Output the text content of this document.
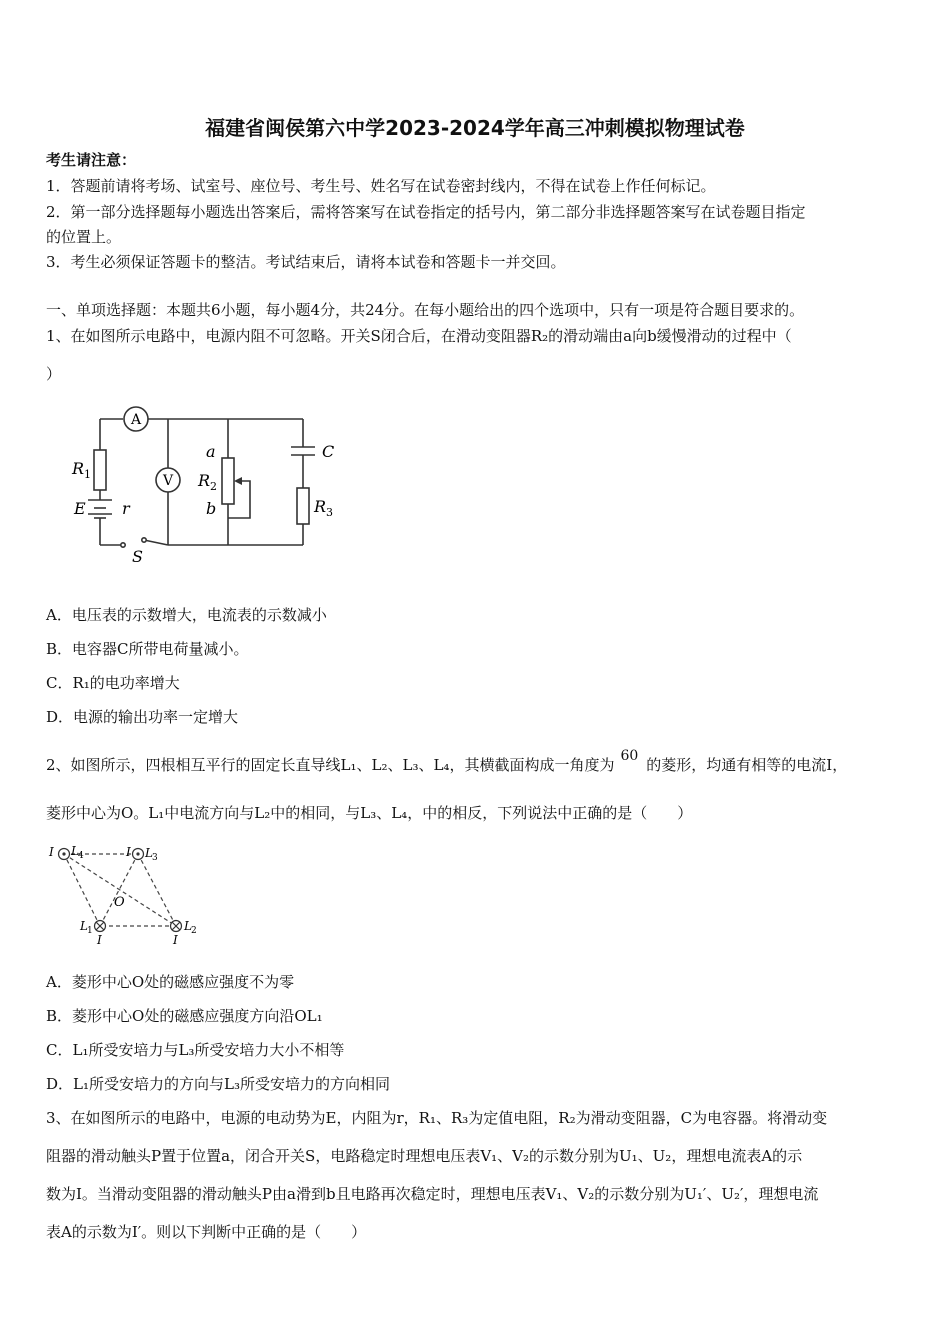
福建省闽侯第六中学2023-2024学年高三冲刺模拟物理试卷
考生请注意：
1．答题前请将考场、试室号、座位号、考生号、姓名写在试卷密封线内，不得在试卷上作任何标记。
2．第一部分选择题每小题选出答案后，需将答案写在试卷指定的括号内，第二部分非选择题答案写在试卷题目指定
的位置上。
3．考生必须保证答题卡的整洁。考试结束后，请将本试卷和答题卡一并交回。
一、单项选择题：本题共6小题，每小题4分，共24分。在每小题给出的四个选项中，只有一项是符合题目要求的。
1、在如图所示电路中，电源内阻不可忽略。开关S闭合后，在滑动变阻器R₂的滑动端由a向b缓慢滑动的过程中（
）
A
V
R 1
E r
S
a
R 2
b
C
R 3
A．电压表的示数增大，电流表的示数减小
B．电容器C所带电荷量减小。
C．R₁的电功率增大
D．电源的输出功率一定增大
2、如图所示，四根相互平行的固定长直导线L₁、L₂、L₃、L₄，其横截面构成一角度为 60 的菱形，均通有相等的电流I，
菱形中心为O。L₁中电流方向与L₂中的相同，与L₃、L₄，中的相反，下列说法中正确的是（　　）
I L 4	I L 3
O
L 1
I
L 2
I
A．菱形中心O处的磁感应强度不为零
B．菱形中心O处的磁感应强度方向沿OL₁
C．L₁所受安培力与L₃所受安培力大小不相等
D．L₁所受安培力的方向与L₃所受安培力的方向相同
3、在如图所示的电路中，电源的电动势为E，内阻为r，R₁、R₃为定值电阻，R₂为滑动变阻器，C为电容器。将滑动变
阻器的滑动触头P置于位置a，闭合开关S，电路稳定时理想电压表V₁、V₂的示数分别为U₁、U₂，理想电流表A的示
数为I。当滑动变阻器的滑动触头P由a滑到b且电路再次稳定时，理想电压表V₁、V₂的示数分别为U₁′、U₂′，理想电流
表A的示数为I′。则以下判断中正确的是（　　）
